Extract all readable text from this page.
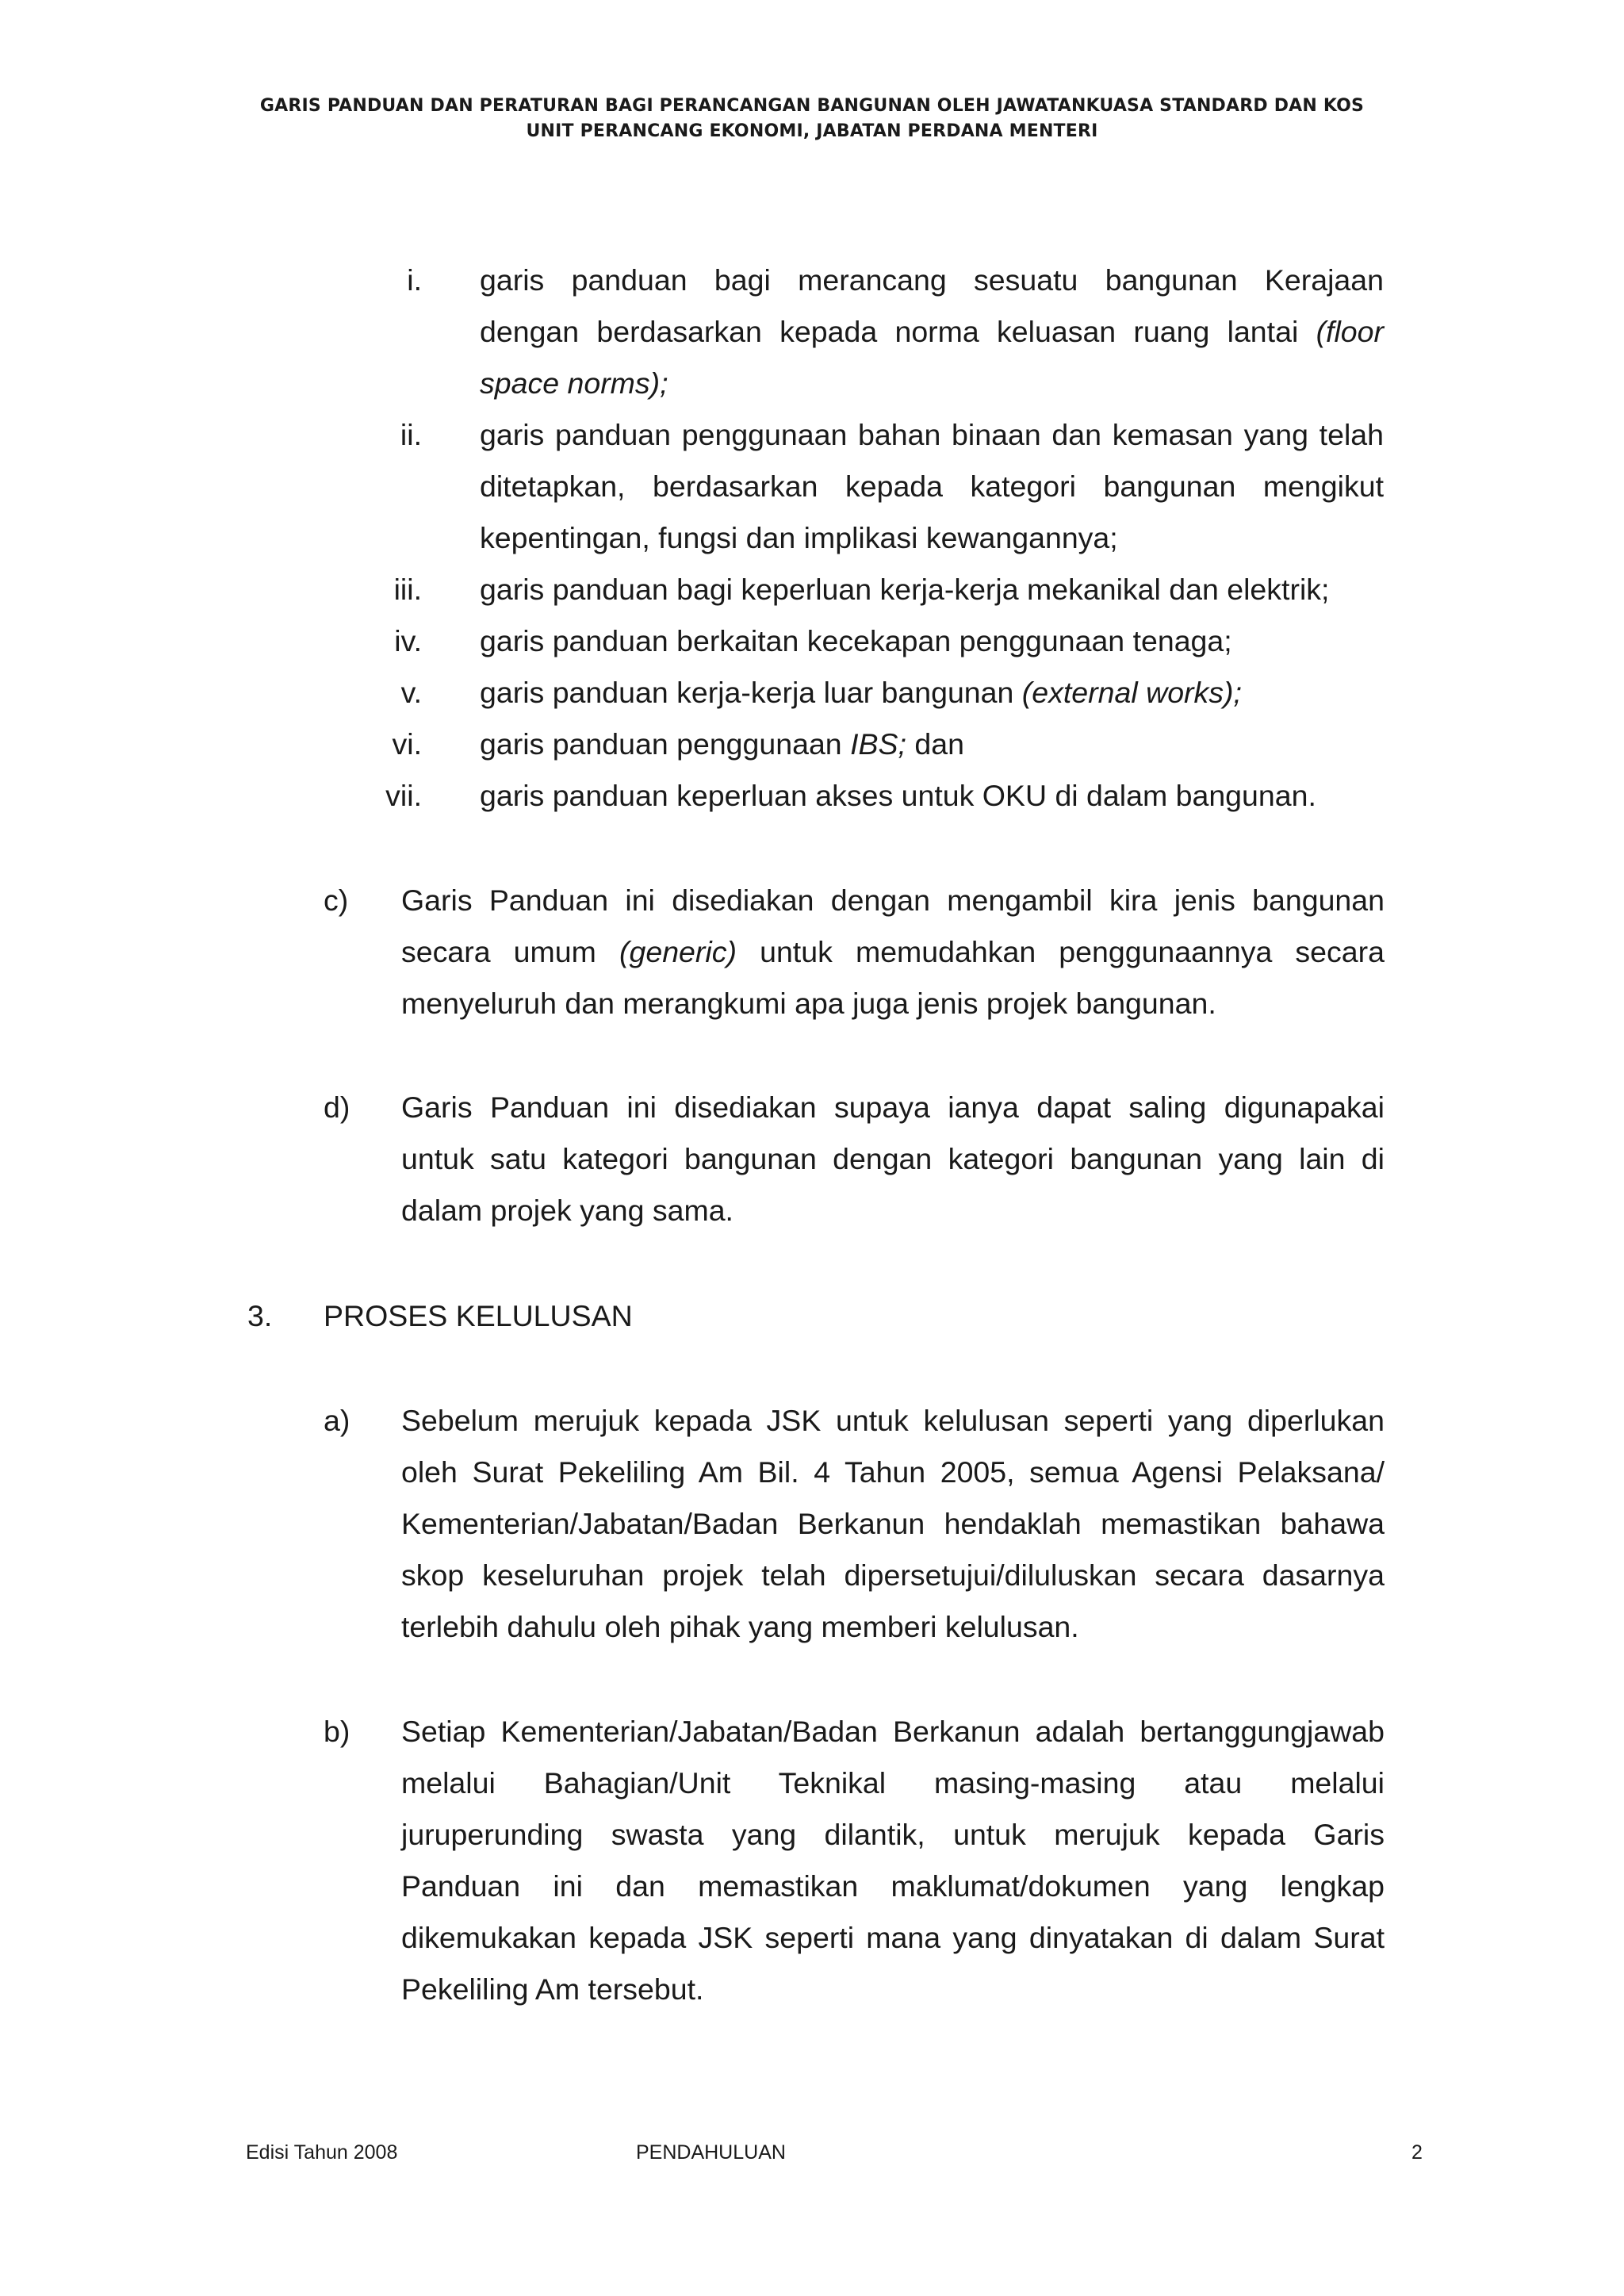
GARIS PANDUAN DAN PERATURAN BAGI PERANCANGAN BANGUNAN OLEH JAWATANKUASA STANDARD DAN KOS
UNIT PERANCANG EKONOMI, JABATAN PERDANA MENTERI
i. garis panduan bagi merancang sesuatu bangunan Kerajaan
dengan berdasarkan kepada norma keluasan ruang lantai (floor
space norms);
ii. garis panduan penggunaan bahan binaan dan kemasan yang telah
ditetapkan, berdasarkan kepada kategori bangunan mengikut
kepentingan, fungsi dan implikasi kewangannya;
iii. garis panduan bagi keperluan kerja-kerja mekanikal dan elektrik;
iv. garis panduan berkaitan kecekapan penggunaan tenaga;
v. garis panduan kerja-kerja luar bangunan (external works);
vi. garis panduan penggunaan IBS; dan
vii. garis panduan keperluan akses untuk OKU di dalam bangunan.
c) Garis Panduan ini disediakan dengan mengambil kira jenis bangunan
secara umum (generic) untuk memudahkan penggunaannya secara
menyeluruh dan merangkumi apa juga jenis projek bangunan.
d) Garis Panduan ini disediakan supaya ianya dapat saling digunapakai
untuk satu kategori bangunan dengan kategori bangunan yang lain di
dalam projek yang sama.
3. PROSES KELULUSAN
a) Sebelum merujuk kepada JSK untuk kelulusan seperti yang diperlukan
oleh Surat Pekeliling Am Bil. 4 Tahun 2005, semua Agensi Pelaksana/
Kementerian/Jabatan/Badan Berkanun hendaklah memastikan bahawa
skop keseluruhan projek telah dipersetujui/diluluskan secara dasarnya
terlebih dahulu oleh pihak yang memberi kelulusan.
b) Setiap Kementerian/Jabatan/Badan Berkanun adalah bertanggungjawab
melalui Bahagian/Unit Teknikal masing-masing atau melalui
juruperunding swasta yang dilantik, untuk merujuk kepada Garis
Panduan ini dan memastikan maklumat/dokumen yang lengkap
dikemukakan kepada JSK seperti mana yang dinyatakan di dalam Surat
Pekeliling Am tersebut.
Edisi Tahun 2008	PENDAHULUAN	2
